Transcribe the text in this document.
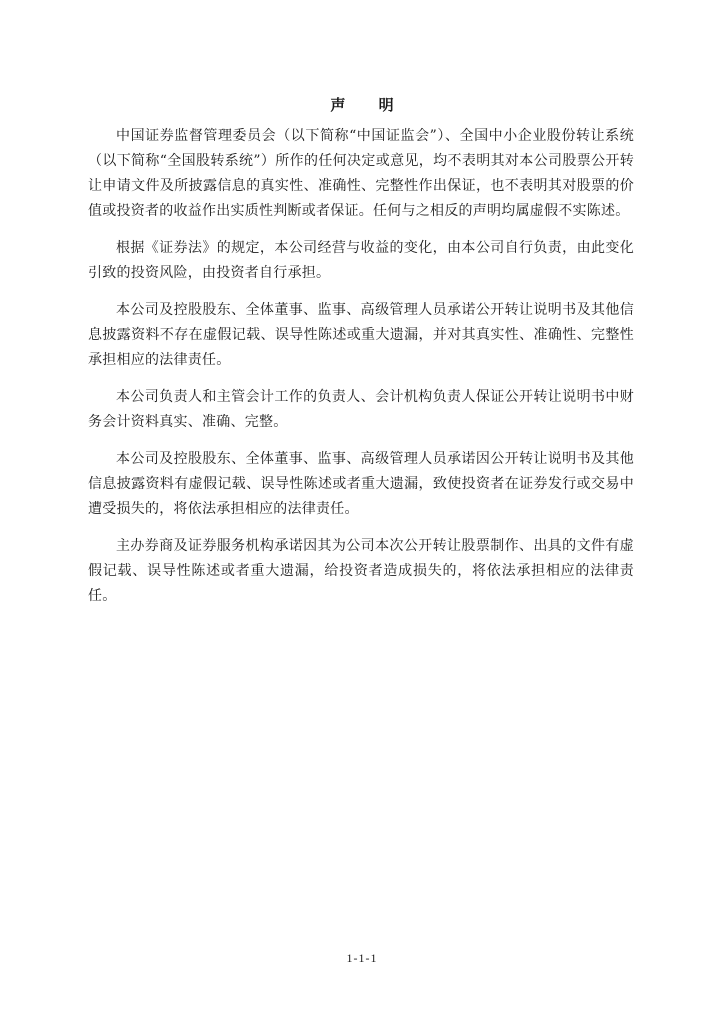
声 明

中国证券监督管理委员会（以下简称“中国证监会”）、全国中小企业股份转让系统（以下简称“全国股转系统”）所作的任何决定或意见，均不表明其对本公司股票公开转让申请文件及所披露信息的真实性、准确性、完整性作出保证，也不表明其对股票的价值或投资者的收益作出实质性判断或者保证。任何与之相反的声明均属虚假不实陈述。

根据《证券法》的规定，本公司经营与收益的变化，由本公司自行负责，由此变化引致的投资风险，由投资者自行承担。

本公司及控股股东、全体董事、监事、高级管理人员承诺公开转让说明书及其他信息披露资料不存在虚假记载、误导性陈述或重大遗漏，并对其真实性、准确性、完整性承担相应的法律责任。

本公司负责人和主管会计工作的负责人、会计机构负责人保证公开转让说明书中财务会计资料真实、准确、完整。

本公司及控股股东、全体董事、监事、高级管理人员承诺因公开转让说明书及其他信息披露资料有虚假记载、误导性陈述或者重大遗漏，致使投资者在证券发行或交易中遭受损失的，将依法承担相应的法律责任。

主办券商及证券服务机构承诺因其为公司本次公开转让股票制作、出具的文件有虚假记载、误导性陈述或者重大遗漏，给投资者造成损失的，将依法承担相应的法律责任。

1-1-1
